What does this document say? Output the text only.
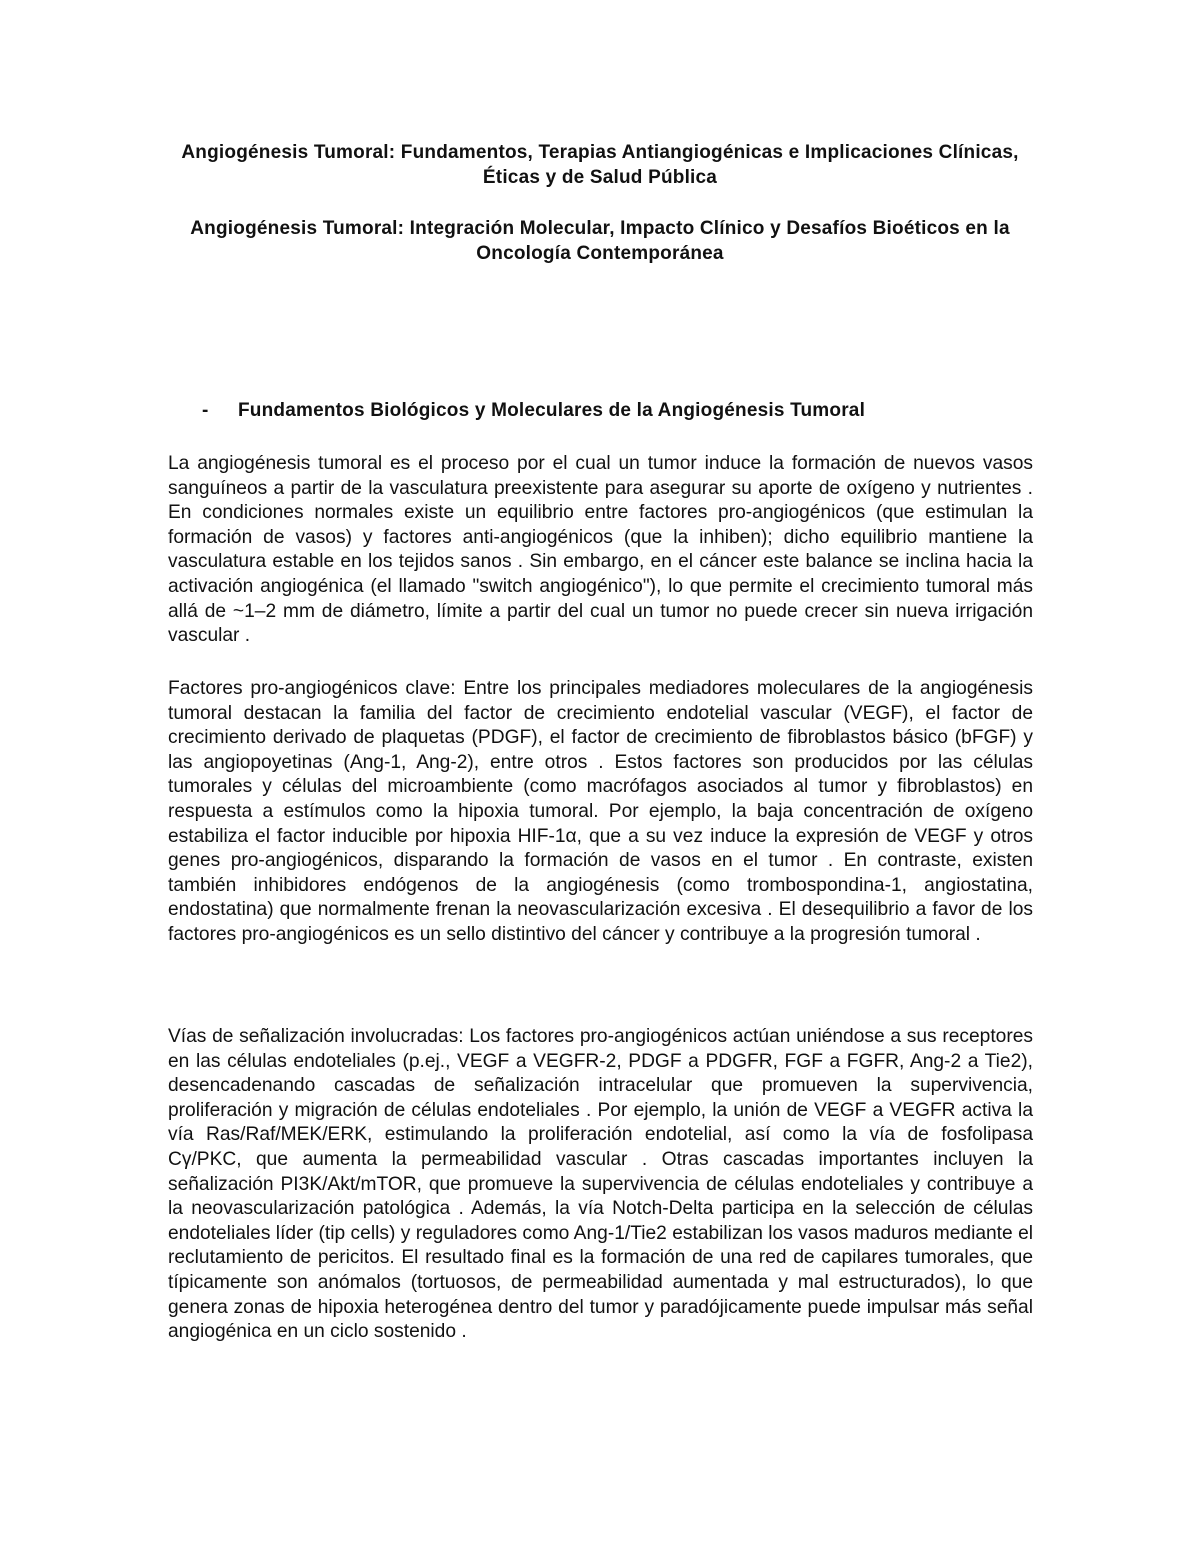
Angiogénesis Tumoral: Fundamentos, Terapias Antiangiogénicas e Implicaciones Clínicas, Éticas y de Salud Pública
Angiogénesis Tumoral: Integración Molecular, Impacto Clínico y Desafíos Bioéticos en la Oncología Contemporánea
- Fundamentos Biológicos y Moleculares de la Angiogénesis Tumoral

La angiogénesis tumoral es el proceso por el cual un tumor induce la formación de nuevos vasos sanguíneos a partir de la vasculatura preexistente para asegurar su aporte de oxígeno y nutrientes . En condiciones normales existe un equilibrio entre factores pro-angiogénicos (que estimulan la formación de vasos) y factores anti-angiogénicos (que la inhiben); dicho equilibrio mantiene la vasculatura estable en los tejidos sanos . Sin embargo, en el cáncer este balance se inclina hacia la activación angiogénica (el llamado "switch angiogénico"), lo que permite el crecimiento tumoral más allá de ~1–2 mm de diámetro, límite a partir del cual un tumor no puede crecer sin nueva irrigación vascular .

Factores pro-angiogénicos clave: Entre los principales mediadores moleculares de la angiogénesis tumoral destacan la familia del factor de crecimiento endotelial vascular (VEGF), el factor de crecimiento derivado de plaquetas (PDGF), el factor de crecimiento de fibroblastos básico (bFGF) y las angiopoyetinas (Ang-1, Ang-2), entre otros . Estos factores son producidos por las células tumorales y células del microambiente (como macrófagos asociados al tumor y fibroblastos) en respuesta a estímulos como la hipoxia tumoral. Por ejemplo, la baja concentración de oxígeno estabiliza el factor inducible por hipoxia HIF-1α, que a su vez induce la expresión de VEGF y otros genes pro-angiogénicos, disparando la formación de vasos en el tumor . En contraste, existen también inhibidores endógenos de la angiogénesis (como trombospondina-1, angiostatina, endostatina) que normalmente frenan la neovascularización excesiva . El desequilibrio a favor de los factores pro-angiogénicos es un sello distintivo del cáncer y contribuye a la progresión tumoral .

Vías de señalización involucradas: Los factores pro-angiogénicos actúan uniéndose a sus receptores en las células endoteliales (p.ej., VEGF a VEGFR-2, PDGF a PDGFR, FGF a FGFR, Ang-2 a Tie2), desencadenando cascadas de señalización intracelular que promueven la supervivencia, proliferación y migración de células endoteliales . Por ejemplo, la unión de VEGF a VEGFR activa la vía Ras/Raf/MEK/ERK, estimulando la proliferación endotelial, así como la vía de fosfolipasa Cγ/PKC, que aumenta la permeabilidad vascular . Otras cascadas importantes incluyen la señalización PI3K/Akt/mTOR, que promueve la supervivencia de células endoteliales y contribuye a la neovascularización patológica . Además, la vía Notch-Delta participa en la selección de células endoteliales líder (tip cells) y reguladores como Ang-1/Tie2 estabilizan los vasos maduros mediante el reclutamiento de pericitos. El resultado final es la formación de una red de capilares tumorales, que típicamente son anómalos (tortuosos, de permeabilidad aumentada y mal estructurados), lo que genera zonas de hipoxia heterogénea dentro del tumor y paradójicamente puede impulsar más señal angiogénica en un ciclo sostenido .
